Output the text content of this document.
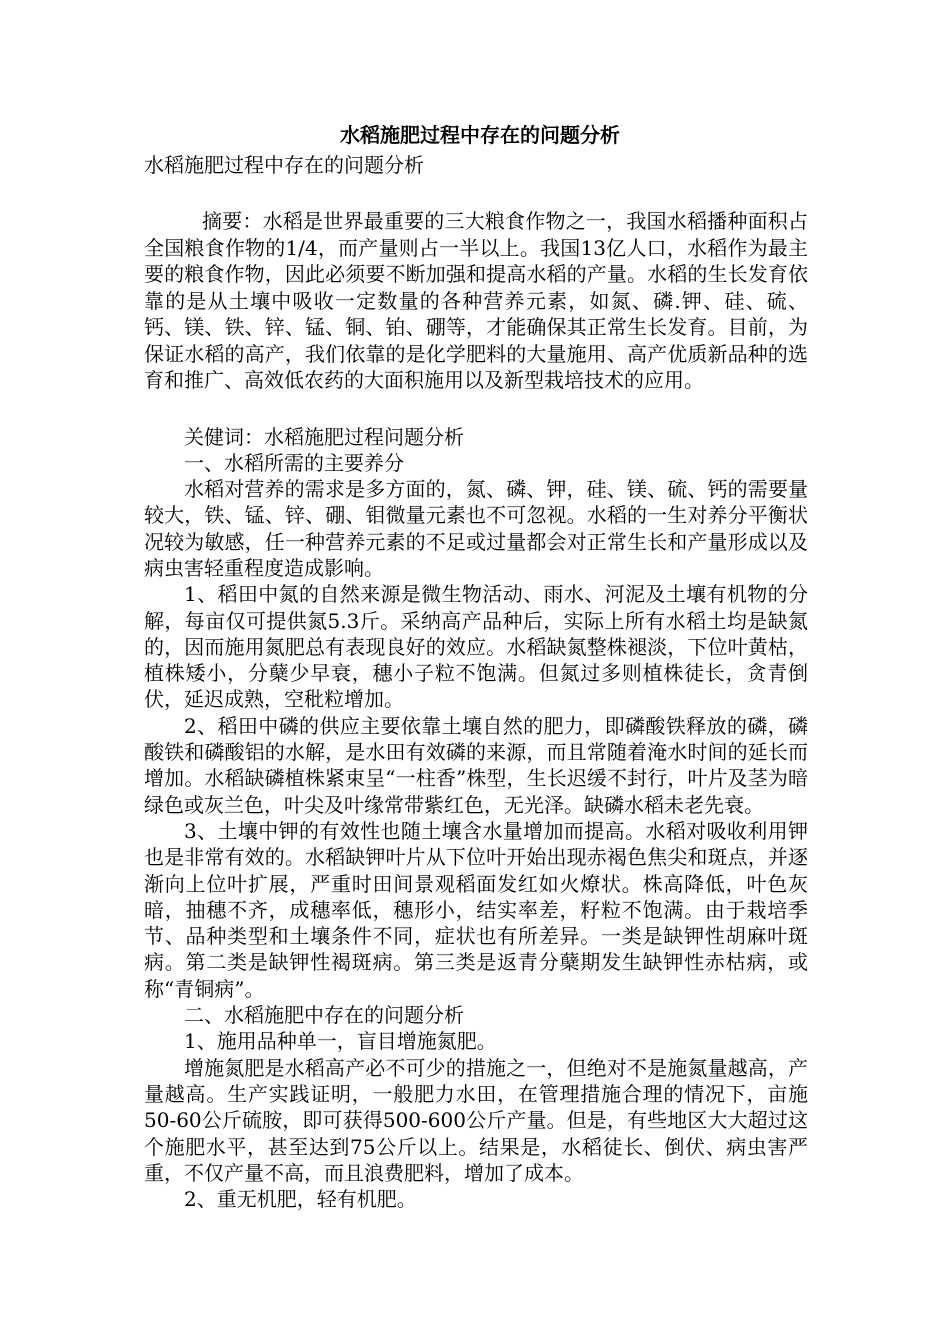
水稻施肥过程中存在的问题分析
水稻施肥过程中存在的问题分析

摘要：水稻是世界最重要的三大粮食作物之一，我国水稻播种面积占全国粮食作物的1/4，而产量则占一半以上。我国13亿人口，水稻作为最主要的粮食作物，因此必须要不断加强和提高水稻的产量。水稻的生长发育依靠的是从土壤中吸收一定数量的各种营养元素，如氮、磷.钾、硅、硫、钙、镁、铁、锌、锰、铜、铂、硼等，才能确保其正常生长发育。目前，为保证水稻的高产，我们依靠的是化学肥料的大量施用、高产优质新品种的选育和推广、高效低农药的大面积施用以及新型栽培技术的应用。

关健词：水稻施肥过程问题分析

一、水稻所需的主要养分

水稻对营养的需求是多方面的，氮、磷、钾，硅、镁、硫、钙的需要量较大，铁、锰、锌、硼、钼微量元素也不可忽视。水稻的一生对养分平衡状况较为敏感，任一种营养元素的不足或过量都会对正常生长和产量形成以及病虫害轻重程度造成影响。

1、稻田中氮的自然来源是微生物活动、雨水、河泥及土壤有机物的分解，每亩仅可提供氮5.3斤。采纳高产品种后，实际上所有水稻土均是缺氮的，因而施用氮肥总有表现良好的效应。水稻缺氮整株褪淡，下位叶黄枯，植株矮小，分蘖少早衰，穗小子粒不饱满。但氮过多则植株徒长，贪青倒伏，延迟成熟，空秕粒增加。

2、稻田中磷的供应主要依靠土壤自然的肥力，即磷酸铁释放的磷，磷酸铁和磷酸铝的水解，是水田有效磷的来源，而且常随着淹水时间的延长而增加。水稻缺磷植株紧束呈“一柱香”株型，生长迟缓不封行，叶片及茎为暗绿色或灰兰色，叶尖及叶缘常带紫红色，无光泽。缺磷水稻未老先衰。

3、土壤中钾的有效性也随土壤含水量增加而提高。水稻对吸收利用钾也是非常有效的。水稻缺钾叶片从下位叶开始出现赤褐色焦尖和斑点，并逐渐向上位叶扩展，严重时田间景观稻面发红如火燎状。株高降低，叶色灰暗，抽穗不齐，成穗率低，穗形小，结实率差，籽粒不饱满。由于栽培季节、品种类型和土壤条件不同，症状也有所差异。一类是缺钾性胡麻叶斑病。第二类是缺钾性褐斑病。第三类是返青分蘖期发生缺钾性赤枯病，或称“青铜病”。

二、水稻施肥中存在的问题分析

1、施用品种单一，盲目增施氮肥。

增施氮肥是水稻高产必不可少的措施之一，但绝对不是施氮量越高，产量越高。生产实践证明，一般肥力水田，在管理措施合理的情况下，亩施50-60公斤硫胺，即可获得500-600公斤产量。但是，有些地区大大超过这个施肥水平，甚至达到75公斤以上。结果是，水稻徒长、倒伏、病虫害严重，不仅产量不高，而且浪费肥料，增加了成本。

2、重无机肥，轻有机肥。
